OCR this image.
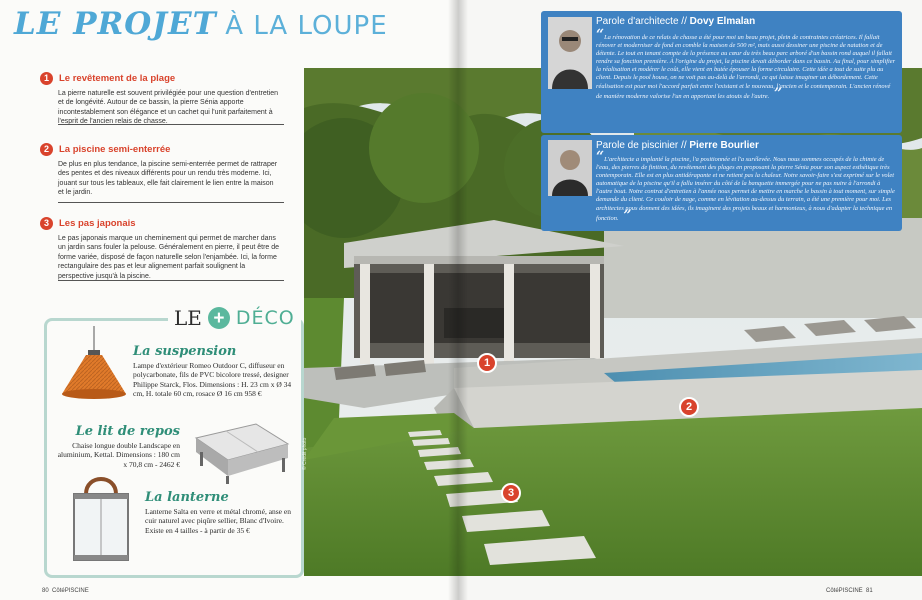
LE PROJET À LA LOUPE
1	Le revêtement de la plage
La pierre naturelle est souvent privilégiée pour une question d'entretien et de longévité. Autour de ce bassin, la pierre Sénia apporte incontestablement son élégance et un cachet qui l'unit parfaitement à l'esprit de l'ancien relais de chasse.
2	La piscine semi-enterrée
De plus en plus tendance, la piscine semi-enterrée permet de rattraper des pentes et des niveaux différents pour un rendu très moderne. Ici, jouant sur tous les tableaux, elle fait clairement le lien entre la maison et le jardin.
3	Les pas japonais
Le pas japonais marque un cheminement qui permet de marcher dans un jardin sans fouler la pelouse. Généralement en pierre, il peut être de forme variée, disposé de façon naturelle selon l'enjambée. Ici, la forme rectangulaire des pas et leur alignement parfait soulignent la perspective jusqu'à la piscine.
LE + DÉCO
La suspension
Lampe d'extérieur Romeo Outdoor C, diffuseur en polycarbonate, fils de PVC bicolore tressé, designer Philippe Starck, Flos. Dimensions : H. 23 cm x Ø 34 cm, H. totale 60 cm, rosace Ø 16 cm 958 €
Le lit de repos
Chaise longue double Landscape en aluminium, Kettal. Dimensions : 180 cm x 70,8 cm - 2462 €
La lanterne
Lanterne Salta en verre et métal chromé, anse en cuir naturel avec piqûre sellier, Blanc d'Ivoire. Existe en 4 tailles - à partir de 35 €
1
2
3
© Crédit photo
Parole d'architecte // Dovy Elmalan
“La rénovation de ce relais de chasse a été pour moi un beau projet, plein de contraintes créatrices. Il fallait rénover et moderniser de fond en comble la maison de 500 m², mais aussi dessiner une piscine de natation et de détente. Le tout en tenant compte de la présence au cœur du très beau parc arboré d'un bassin rond auquel il fallait rendre sa fonction première. À l'origine du projet, la piscine devait déborder dans ce bassin. Au final, pour simplifier la réalisation et modérer le coût, elle vient en butée épouser la forme circulaire. Cette idée a tout de suite plu au client. Depuis le pool house, on ne voit pas au-delà de l'arrondi, ce qui laisse imaginer un débordement. Cette réalisation est pour moi l'accord parfait entre l'existant et le nouveau, l'ancien et le contemporain. L'ancien rénové de manière moderne valorise l'un en apportant les atouts de l'autre. ”
Parole de piscinier // Pierre Bourlier
“L'architecte a implanté la piscine, l'a positionnée et l'a surélevée. Nous nous sommes occupés de la chimie de l'eau, des pierres de finition, du revêtement des plages en proposant la pierre Sénia pour son aspect esthétique très contemporain. Elle est en plus antidérapante et ne retient pas la chaleur. Notre savoir-faire s'est exprimé sur le volet automatique de la piscine qu'il a fallu insérer du côté de la banquette immergée pour ne pas nuire à l'arrondi à l'autre bout. Notre contrat d'entretien à l'année nous permet de mettre en marche le bassin à tout moment, sur simple demande du client. Ce couloir de nage, comme en lévitation au-dessus du terrain, a été une première pour moi. Les architectes nous donnent des idées, ils imaginent des projets beaux et harmonieux, à nous d'adapter la technique en fonction. ”
80 CôtéPISCINE	CôtéPISCINE 81
